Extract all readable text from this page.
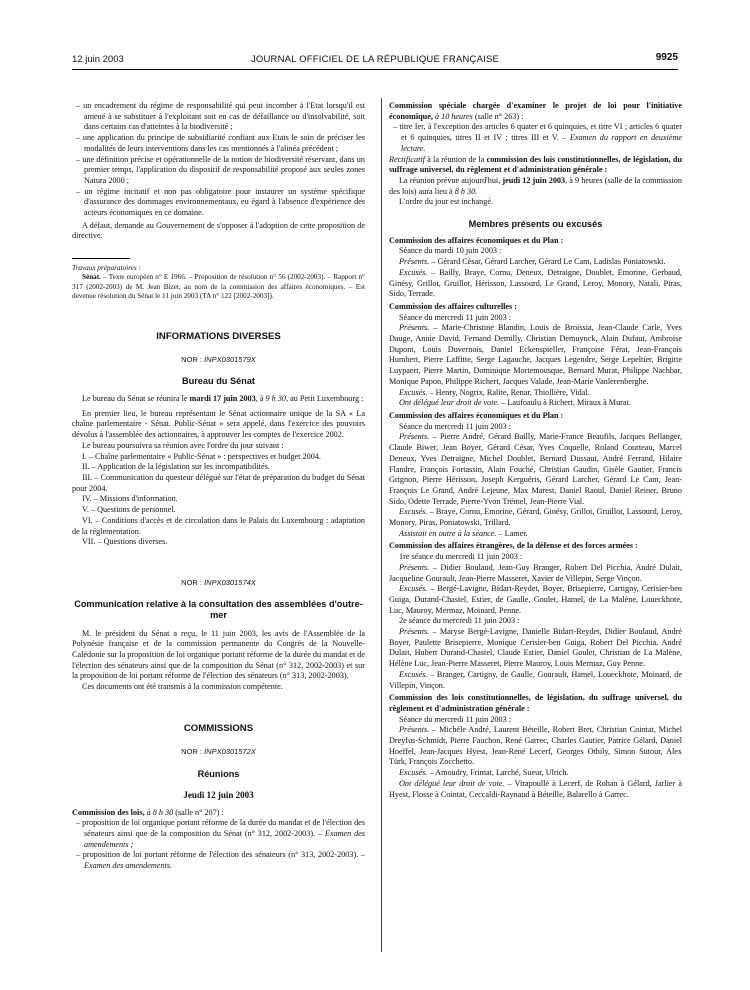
12 juin 2003	JOURNAL OFFICIEL DE LA RÉPUBLIQUE FRANÇAISE	9925

– un encadrement du régime de responsabilité qui peut incomber à l'Etat lorsqu'il est amené à se substituer à l'exploitant soit en cas de défaillance ou d'insolvabilité, soit dans certains cas d'atteintes à la biodiversité ;

– une application du principe de subsidiarité confiant aux Etats le soin de préciser les modalités de leurs interventions dans les cas mentionnés à l'alinéa précédent ;

– une définition précise et opérationnelle de la notion de biodiversité réservant, dans un premier temps, l'application du dispositif de responsabilité proposé aux seules zones Natura 2000 ;

– un régime incitatif et non pas obligatoire pour instaurer un système spécifique d'assurance des dommages environnementaux, eu égard à l'absence d'expérience des acteurs économiques en ce domaine.

A défaut, demande au Gouvernement de s'opposer à l'adoption de cette proposition de directive.

Travaux préparatoires :

Sénat. – Texte européen n° E 1966. – Proposition de résolution n° 56 (2002-2003). – Rapport n° 317 (2002-2003) de M. Jean Bizet, au nom de la commission des affaires économiques. – Est devenue résolution du Sénat le 11 juin 2003 (TA n° 122 [2002-2003]).

INFORMATIONS DIVERSES
NOR : INPX0301579X
Bureau du Sénat

Le bureau du Sénat se réunira le mardi 17 juin 2003, à 9 h 30, au Petit Luxembourg :

En premier lieu, le bureau représentant le Sénat actionnaire unique de la SA « La chaîne parlementaire - Sénat. Public-Sénat » sera appelé, dans l'exercice des pouvoirs dévolus à l'assemblée des actionnaires, à approuver les comptes de l'exercice 2002.

Le bureau poursuivra sa réunion avec l'ordre du jour suivant :

I. – Chaîne parlementaire « Public-Sénat » : perspectives et budget 2004.

II. – Application de la législation sur les incompatibilités.

III. – Communication du questeur délégué sur l'état de préparation du budget du Sénat pour 2004.

IV. – Missions d'information.

V. – Questions de personnel.

VI. – Conditions d'accès et de circulation dans le Palais du Luxembourg : adaptation de la réglementation.

VII. – Questions diverses.

NOR : INPX0301574X
Communication relative à la consultation des assemblées d'outre-mer

M. le président du Sénat a reçu, le 11 juin 2003, les avis de l'Assemblée de la Polynésie française et de la commission permanente du Congrès de la Nouvelle-Calédonie sur la proposition de loi organique portant réforme de la durée du mandat et de l'élection des sénateurs ainsi que de la composition du Sénat (n° 312, 2002-2003) et sur la proposition de loi portant réforme de l'élection des sénateurs (n° 313, 2002-2003).

Ces documents ont été transmis à la commission compétente.

COMMISSIONS
NOR : INPX0301572X
Réunions
Jeudi 12 juin 2003

Commission des lois, à 8 h 30 (salle n° 207) :

– proposition de loi organique portant réforme de la durée du mandat et de l'élection des sénateurs ainsi que de la composition du Sénat (n° 312, 2002-2003). – Examen des amendements ;

– proposition de loi portant réforme de l'élection des sénateurs (n° 313, 2002-2003). – Examen des amendements.

Commission spéciale chargée d'examiner le projet de loi pour l'initiative économique, à 10 heures (salle n° 263) :

– titre Ier, à l'exception des articles 6 quater et 6 quinquies, et titre VI ; articles 6 quater et 6 quinquies, titres II et IV ; titres III et V. – Examen du rapport en deuxième lecture.

Rectificatif à la réunion de la commission des lois constitutionnelles, de législation, du suffrage universel, du règlement et d'administration générale :

La réunion prévue aujourd'hui, jeudi 12 juin 2003, à 9 heures (salle de la commission des lois) aura lieu à 8 h 30.

L'ordre du jour est inchangé.

Membres présents ou excusés

Commission des affaires économiques et du Plan :

Séance du mardi 10 juin 2003 :

Présents. – Gérard César, Gérard Larcher, Gérard Le Cam, Ladislas Poniatowski.

Excusés. – Bailly, Braye, Cornu, Deneux, Detraigne, Doublet, Emorine, Gerbaud, Ginésy, Grillot, Gruillot, Hérisson, Lassourd, Le Grand, Leroy, Monory, Natali, Piras, Sido, Terrade.

Commission des affaires culturelles :

Séance du mercredi 11 juin 2003 :

Présents. – Marie-Christine Blandin, Louis de Broissia, Jean-Claude Carle, Yves Dauge, Annie David, Fernand Demilly, Christian Demuynck, Alain Dufaut, Ambroise Dupont, Louis Duvernois, Daniel Eckenspieller, Françoise Férat, Jean-François Humbert, Pierre Laffitte, Serge Lagauche, Jacques Legendre, Serge Lepeltier, Brigitte Luypaert, Pierre Martin, Dominique Mortemousque, Bernard Murat, Philippe Nachbar, Monique Papon, Philippe Richert, Jacques Valade, Jean-Marie Vanlerenberghe.

Excusés. – Henry, Nogrix, Ralite, Renar, Thiollière, Vidal.

Ont délégué leur droit de vote. – Laufoaulu à Richert, Miraux à Murat.

Commission des affaires économiques et du Plan :

Séance du mercredi 11 juin 2003 :

Présents. – Pierre André, Gérard Bailly, Marie-France Beaufils, Jacques Bellanger, Claude Biwer, Jean Boyer, Gérard César, Yves Coquelle, Roland Courteau, Marcel Deneux, Yves Detraigne, Michel Doublet, Bernard Dussaut, André Ferrand, Hilaire Flandre, François Fortassin, Alain Fouché, Christian Gaudin, Gisèle Gautier, Francis Grignon, Pierre Hérisson, Joseph Kerguéris, Gérard Larcher, Gérard Le Cam, Jean-François Le Grand, André Lejeune, Max Marest, Daniel Raoul, Daniel Reiner, Bruno Sido, Odette Terrade, Pierre-Yvon Trémel, Jean-Pierre Vial.

Excusés. – Braye, Cornu, Emorine, Gérard, Ginésy, Grillot, Gruillot, Lassourd, Leroy, Monory, Piras, Poniatowski, Trillard.

Assistait en outre à la séance. – Lamer.

Commission des affaires étrangères, de la défense et des forces armées :

1re séance du mercredi 11 juin 2003 :

Présents. – Didier Boulaud, Jean-Guy Branger, Robert Del Picchia, André Dulait, Jacqueline Gourault, Jean-Pierre Masseret, Xavier de Villepin, Serge Vinçon.

Excusés. – Bergé-Lavigne, Bidart-Reydet, Boyer, Brisepierre, Cartigny, Cerisier-ben Guiga, Durand-Chastel, Estier, de Gaulle, Goulet, Hamel, de La Malène, Loueckhote, Luc, Mauroy, Mermaz, Moinard, Penne.

2e séance du mercredi 11 juin 2003 :

Présents. – Maryse Bergé-Lavigne, Danielle Bidart-Reydet, Didier Boulaud, André Boyer, Paulette Brisepierre, Monique Cerisier-ben Guiga, Robert Del Picchia, André Dulait, Hubert Durand-Chastel, Claude Estier, Daniel Goulet, Christian de La Malène, Hélène Luc, Jean-Pierre Masseret, Pierre Mauroy, Louis Mermaz, Guy Penne.

Excusés. – Branger, Cartigny, de Gaulle, Gourault, Hamel, Loueckhote, Moinard, de Villepin, Vinçon.

Commission des lois constitutionnelles, de législation, du suffrage universel, du règlement et d'administration générale :

Séance du mercredi 11 juin 2003 :

Présents. – Michèle André, Laurent Béteille, Robert Bret, Christian Cointat, Michel Dreyfus-Schmidt, Pierre Fauchon, René Garrec, Charles Gautier, Patrice Gélard, Daniel Hoeffel, Jean-Jacques Hyest, Jean-René Lecerf, Georges Othily, Simon Sutour, Alex Türk, François Zocchetto.

Excusés. – Amoudry, Frimat, Larché, Sueur, Ulrich.

Ont délégué leur droit de vote. – Virapoullé à Lecerf, de Rohan à Gélard, Jarlier à Hyest, Flosse à Cointat, Ceccaldi-Raynaud à Béteille, Balarello à Garrec.
